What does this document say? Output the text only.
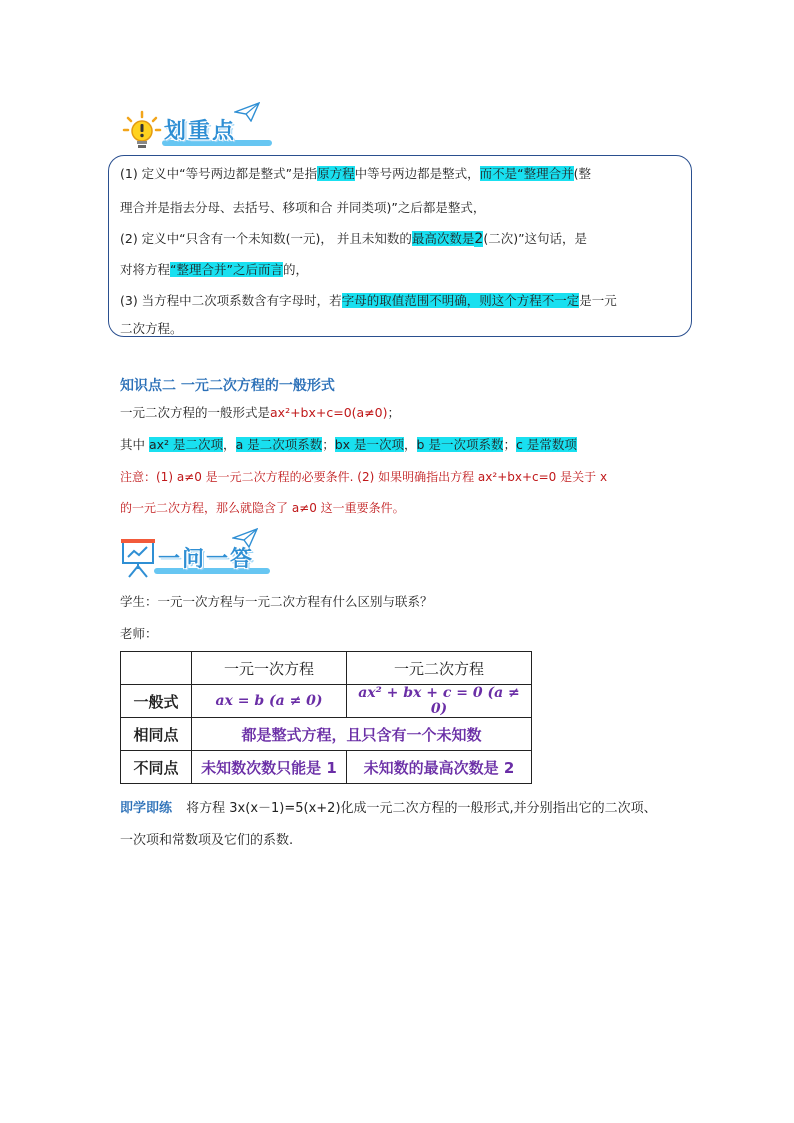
划重点
(1) 定义中“等号两边都是整式”是指原方程中等号两边都是整式，而不是“整理合并(整
理合并是指去分母、去括号、移项和合 并同类项)”之后都是整式，
(2) 定义中“只含有一个未知数(一元)， 并且未知数的最高次数是2(二次)”这句话，是
对将方程“整理合并”之后而言的，
(3) 当方程中二次项系数含有字母时，若字母的取值范围不明确，则这个方程不一定是一元
二次方程。
知识点二 一元二次方程的一般形式
一元二次方程的一般形式是ax²+bx+c=0(a≠0)；
其中 ax² 是二次项，a 是二次项系数；bx 是一次项，b 是一次项系数；c 是常数项
注意：(1) a≠0 是一元二次方程的必要条件. (2) 如果明确指出方程 ax²+bx+c=0 是关于 x
的一元二次方程，那么就隐含了 a≠0 这一重要条件。
一问一答
学生：一元一次方程与一元二次方程有什么区别与联系？
老师：
	一元一次方程	一元二次方程
一般式	ax = b (a ≠ 0)	ax² + bx + c = 0 (a ≠ 0)
相同点	都是整式方程，且只含有一个未知数	
不同点	未知数次数只能是 1	未知数的最高次数是 2
即学即练 将方程 3x(x－1)=5(x+2)化成一元二次方程的一般形式,并分别指出它的二次项、
一次项和常数项及它们的系数.
